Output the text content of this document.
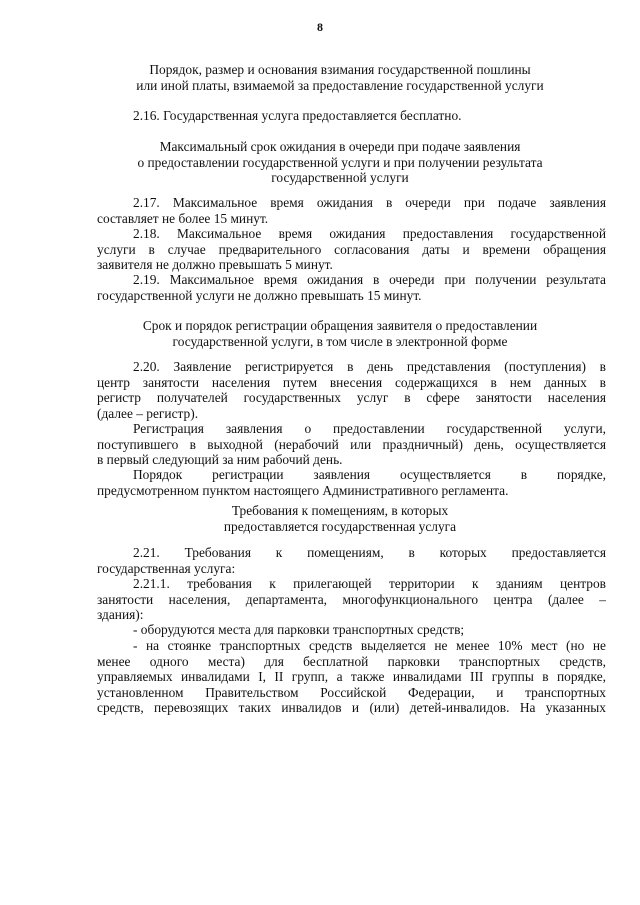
8
Порядок, размер и основания взимания государственной пошлины
или иной платы, взимаемой за предоставление государственной услуги
2.16. Государственная услуга предоставляется бесплатно.
Максимальный срок ожидания в очереди при подаче заявления
о предоставлении государственной услуги и при получении результата
государственной услуги
2.17. Максимальное время ожидания в очереди при подаче заявления
составляет не более 15 минут.
2.18. Максимальное время ожидания предоставления государственной
услуги в случае предварительного согласования даты и времени обращения
заявителя не должно превышать 5 минут.
2.19. Максимальное время ожидания в очереди при получении результата
государственной услуги не должно превышать 15 минут.
Срок и порядок регистрации обращения заявителя о предоставлении
государственной услуги, в том числе в электронной форме
2.20. Заявление регистрируется в день представления (поступления) в
центр занятости населения путем внесения содержащихся в нем данных в
регистр получателей государственных услуг в сфере занятости населения
(далее – регистр).
Регистрация заявления о предоставлении государственной услуги,
поступившего в выходной (нерабочий или праздничный) день, осуществляется
в первый следующий за ним рабочий день.
Порядок регистрации заявления осуществляется в порядке,
предусмотренном пунктом настоящего Административного регламента.
Требования к помещениям, в которых
предоставляется государственная услуга
2.21. Требования к помещениям, в которых предоставляется
государственная услуга:
2.21.1. требования к прилегающей территории к зданиям центров
занятости населения, департамента, многофункционального центра (далее –
здания):
- оборудуются места для парковки транспортных средств;
- на стоянке транспортных средств выделяется не менее 10% мест (но не
менее одного места) для бесплатной парковки транспортных средств,
управляемых инвалидами I, II групп, а также инвалидами III группы в порядке,
установленном Правительством Российской Федерации, и транспортных
средств, перевозящих таких инвалидов и (или) детей-инвалидов. На указанных
